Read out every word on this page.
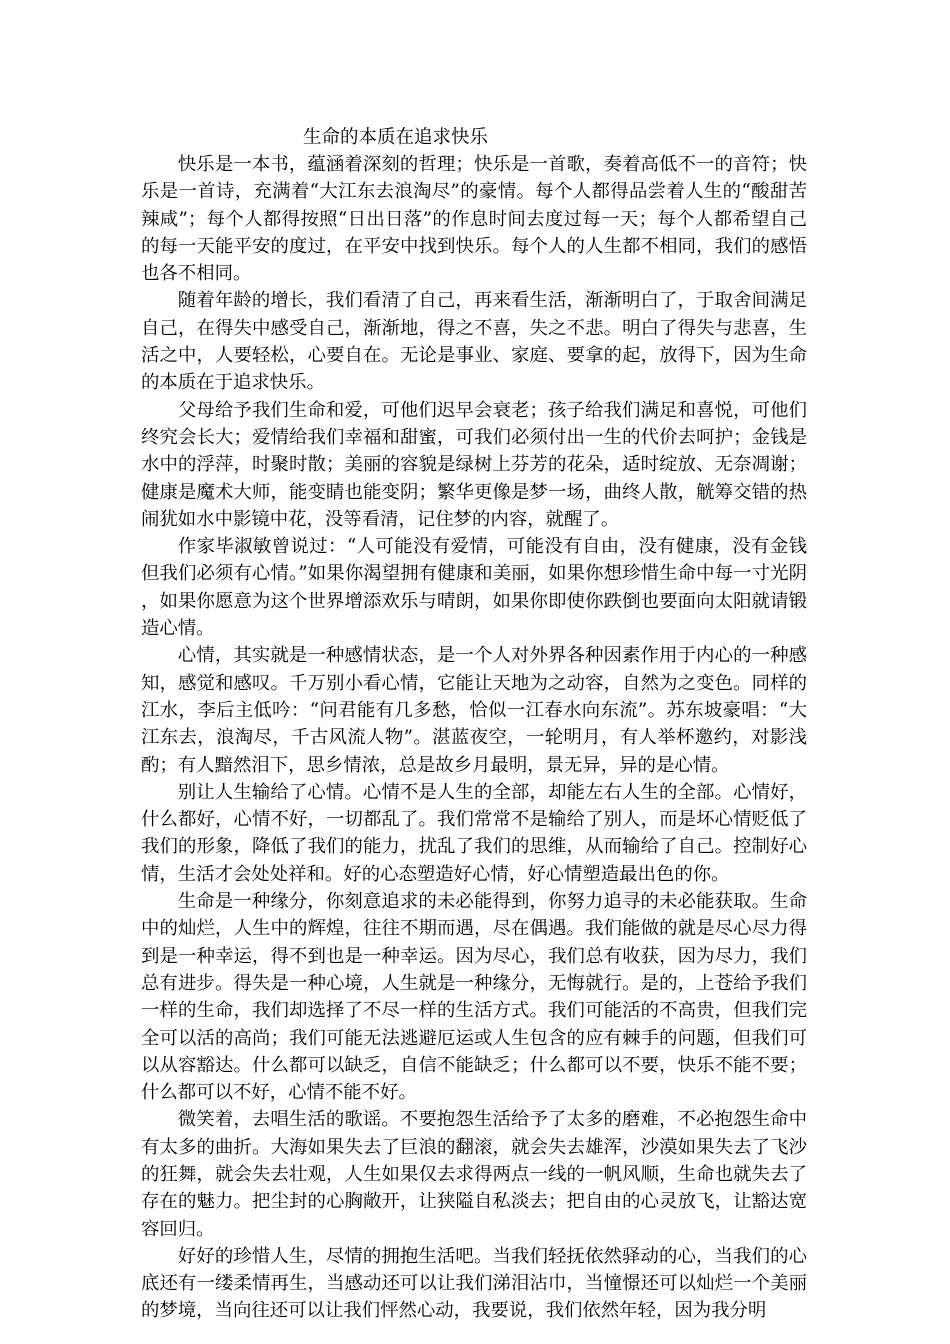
生命的本质在追求快乐

快乐是一本书，蕴涵着深刻的哲理；快乐是一首歌，奏着高低不一的音符；快乐是一首诗，充满着“大江东去浪淘尽”的豪情。每个人都得品尝着人生的“酸甜苦辣咸”；每个人都得按照“日出日落”的作息时间去度过每一天；每个人都希望自己的每一天能平安的度过，在平安中找到快乐。每个人的人生都不相同，我们的感悟也各不相同。

随着年龄的增长，我们看清了自己，再来看生活，渐渐明白了，于取舍间满足自己，在得失中感受自己，渐渐地，得之不喜，失之不悲。明白了得失与悲喜，生活之中，人要轻松，心要自在。无论是事业、家庭、要拿的起，放得下，因为生命的本质在于追求快乐。

父母给予我们生命和爱，可他们迟早会衰老；孩子给我们满足和喜悦，可他们终究会长大；爱情给我们幸福和甜蜜，可我们必须付出一生的代价去呵护；金钱是水中的浮萍，时聚时散；美丽的容貌是绿树上芬芳的花朵，适时绽放、无奈凋谢；健康是魔术大师，能变睛也能变阴；繁华更像是梦一场，曲终人散，觥筹交错的热闹犹如水中影镜中花，没等看清，记住梦的内容，就醒了。

作家毕淑敏曾说过：“人可能没有爱情，可能没有自由，没有健康，没有金钱但我们必须有心情。”如果你渴望拥有健康和美丽，如果你想珍惜生命中每一寸光阴，如果你愿意为这个世界增添欢乐与晴朗，如果你即使你跌倒也要面向太阳就请锻造心情。

心情，其实就是一种感情状态，是一个人对外界各种因素作用于内心的一种感知，感觉和感叹。千万别小看心情，它能让天地为之动容，自然为之变色。同样的江水，李后主低吟：“问君能有几多愁，恰似一江春水向东流”。苏东坡豪唱：“大江东去，浪淘尽，千古风流人物”。湛蓝夜空，一轮明月，有人举杯邀约，对影浅酌；有人黯然泪下，思乡情浓，总是故乡月最明，景无异，异的是心情。

别让人生输给了心情。心情不是人生的全部，却能左右人生的全部。心情好，什么都好，心情不好，一切都乱了。我们常常不是输给了别人，而是坏心情贬低了我们的形象，降低了我们的能力，扰乱了我们的思维，从而输给了自己。控制好心情，生活才会处处祥和。好的心态塑造好心情，好心情塑造最出色的你。

生命是一种缘分，你刻意追求的未必能得到，你努力追寻的未必能获取。生命中的灿烂，人生中的辉煌，往往不期而遇，尽在偶遇。我们能做的就是尽心尽力得到是一种幸运，得不到也是一种幸运。因为尽心，我们总有收获，因为尽力，我们总有进步。得失是一种心境，人生就是一种缘分，无悔就行。是的，上苍给予我们一样的生命，我们却选择了不尽一样的生活方式。我们可能活的不高贵，但我们完全可以活的高尚；我们可能无法逃避厄运或人生包含的应有棘手的问题，但我们可以从容豁达。什么都可以缺乏，自信不能缺乏；什么都可以不要，快乐不能不要；什么都可以不好，心情不能不好。

微笑着，去唱生活的歌谣。不要抱怨生活给予了太多的磨难，不必抱怨生命中有太多的曲折。大海如果失去了巨浪的翻滚，就会失去雄浑，沙漠如果失去了飞沙的狂舞，就会失去壮观，人生如果仅去求得两点一线的一帆风顺，生命也就失去了存在的魅力。把尘封的心胸敞开，让狭隘自私淡去；把自由的心灵放飞，让豁达宽容回归。

好好的珍惜人生，尽情的拥抱生活吧。当我们轻抚依然驿动的心，当我们的心底还有一缕柔情再生，当感动还可以让我们涕泪沾巾，当憧憬还可以灿烂一个美丽的梦境，当向往还可以让我们怦然心动，我要说，我们依然年轻，因为我分明
